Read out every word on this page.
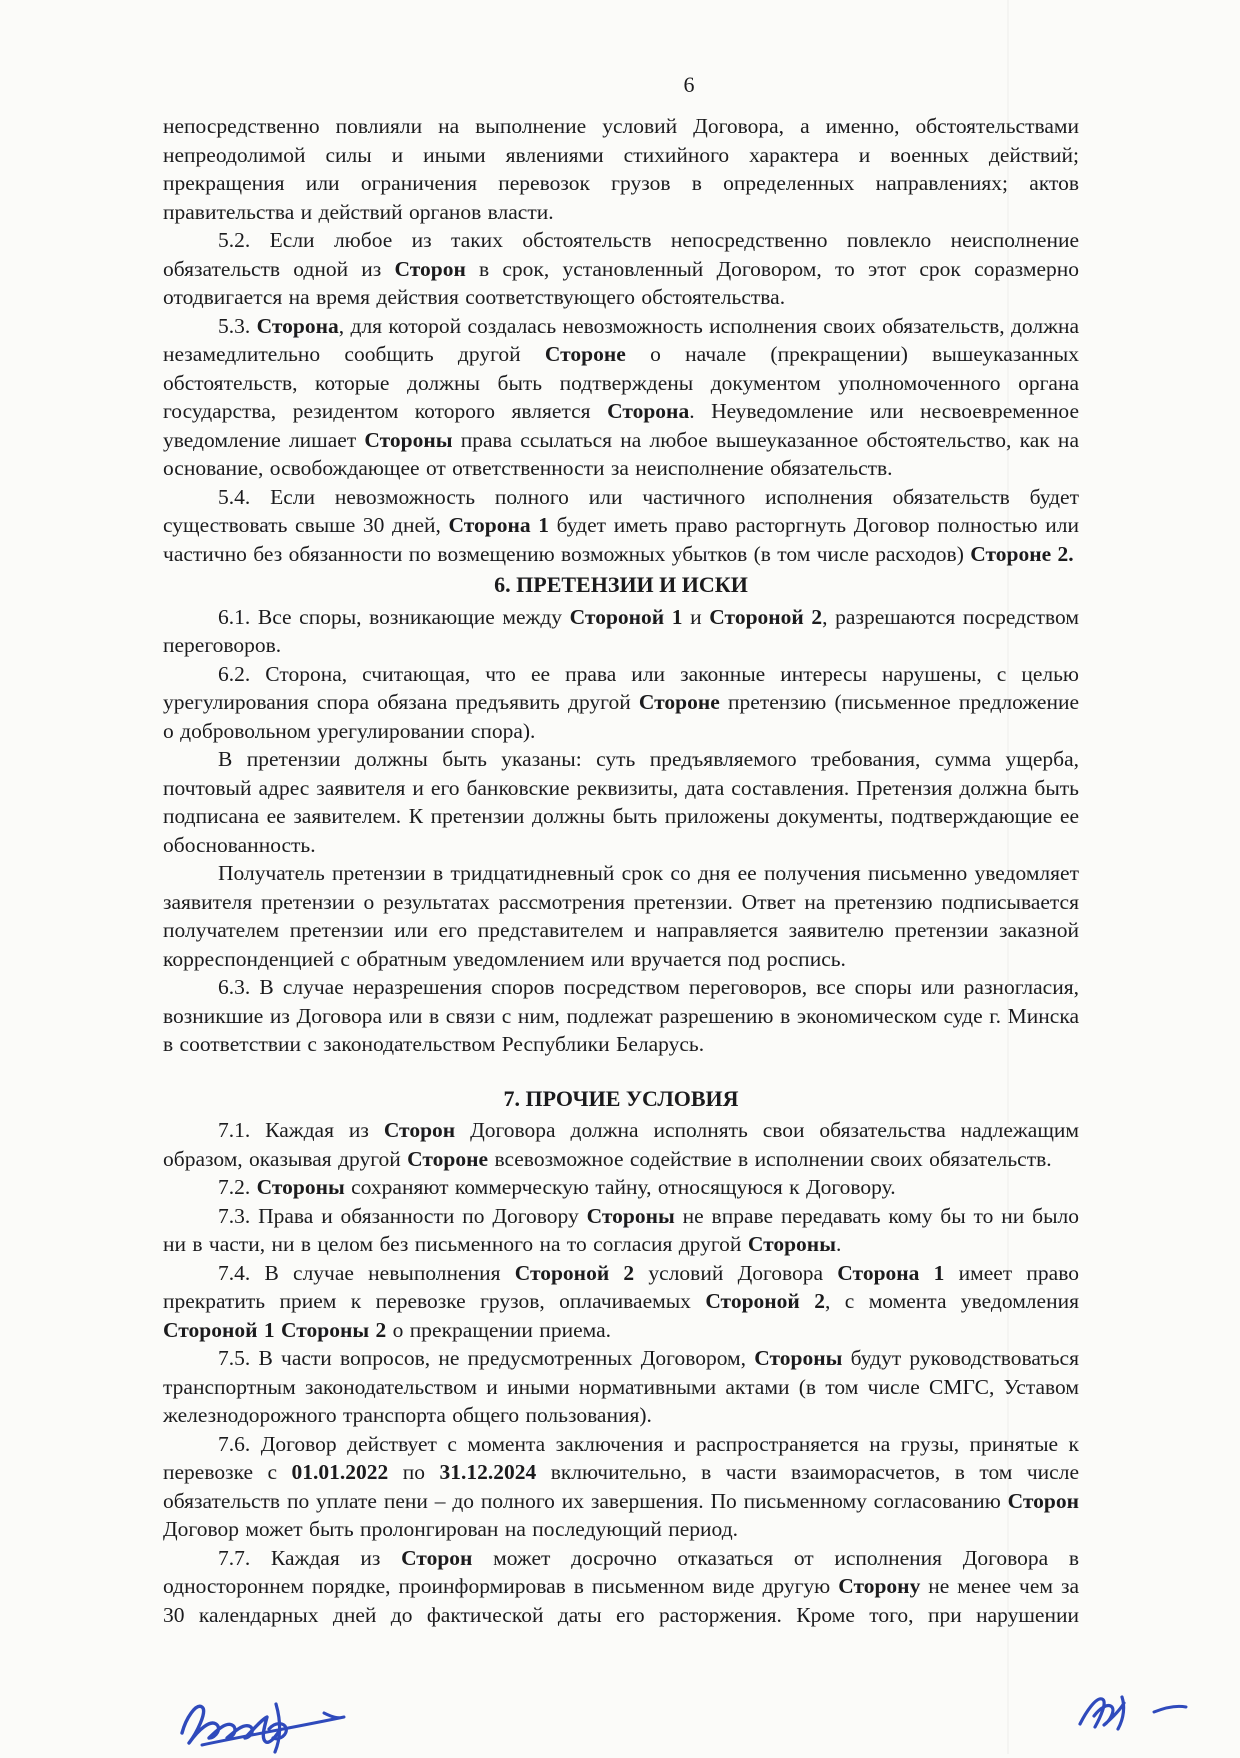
6

непосредственно повлияли на выполнение условий Договора, а именно, обстоятельствами непреодолимой силы и иными явлениями стихийного характера и военных действий; прекращения или ограничения перевозок грузов в определенных направлениях; актов правительства и действий органов власти.

5.2. Если любое из таких обстоятельств непосредственно повлекло неисполнение обязательств одной из Сторон в срок, установленный Договором, то этот срок соразмерно отодвигается на время действия соответствующего обстоятельства.

5.3. Сторона, для которой создалась невозможность исполнения своих обязательств, должна незамедлительно сообщить другой Стороне о начале (прекращении) вышеуказанных обстоятельств, которые должны быть подтверждены документом уполномоченного органа государства, резидентом которого является Сторона. Неуведомление или несвоевременное уведомление лишает Стороны права ссылаться на любое вышеуказанное обстоятельство, как на основание, освобождающее от ответственности за неисполнение обязательств.

5.4. Если невозможность полного или частичного исполнения обязательств будет существовать свыше 30 дней, Сторона 1 будет иметь право расторгнуть Договор полностью или частично без обязанности по возмещению возможных убытков (в том числе расходов) Стороне 2.

6. ПРЕТЕНЗИИ И ИСКИ

6.1. Все споры, возникающие между Стороной 1 и Стороной 2, разрешаются посредством переговоров.

6.2. Сторона, считающая, что ее права или законные интересы нарушены, с целью урегулирования спора обязана предъявить другой Стороне претензию (письменное предложение о добровольном урегулировании спора).

В претензии должны быть указаны: суть предъявляемого требования, сумма ущерба, почтовый адрес заявителя и его банковские реквизиты, дата составления. Претензия должна быть подписана ее заявителем. К претензии должны быть приложены документы, подтверждающие ее обоснованность.

Получатель претензии в тридцатидневный срок со дня ее получения письменно уведомляет заявителя претензии о результатах рассмотрения претензии. Ответ на претензию подписывается получателем претензии или его представителем и направляется заявителю претензии заказной корреспонденцией с обратным уведомлением или вручается под роспись.

6.3. В случае неразрешения споров посредством переговоров, все споры или разногласия, возникшие из Договора или в связи с ним, подлежат разрешению в экономическом суде г. Минска в соответствии с законодательством Республики Беларусь.

7. ПРОЧИЕ УСЛОВИЯ

7.1. Каждая из Сторон Договора должна исполнять свои обязательства надлежащим образом, оказывая другой Стороне всевозможное содействие в исполнении своих обязательств.

7.2. Стороны сохраняют коммерческую тайну, относящуюся к Договору.

7.3. Права и обязанности по Договору Стороны не вправе передавать кому бы то ни было ни в части, ни в целом без письменного на то согласия другой Стороны.

7.4. В случае невыполнения Стороной 2 условий Договора Сторона 1 имеет право прекратить прием к перевозке грузов, оплачиваемых Стороной 2, с момента уведомления Стороной 1 Стороны 2 о прекращении приема.

7.5. В части вопросов, не предусмотренных Договором, Стороны будут руководствоваться транспортным законодательством и иными нормативными актами (в том числе СМГС, Уставом железнодорожного транспорта общего пользования).

7.6. Договор действует с момента заключения и распространяется на грузы, принятые к перевозке с 01.01.2022 по 31.12.2024 включительно, в части взаиморасчетов, в том числе обязательств по уплате пени – до полного их завершения. По письменному согласованию Сторон Договор может быть пролонгирован на последующий период.

7.7. Каждая из Сторон может досрочно отказаться от исполнения Договора в одностороннем порядке, проинформировав в письменном виде другую Сторону не менее чем за 30 календарных дней до фактической даты его расторжения. Кроме того, при нарушении
